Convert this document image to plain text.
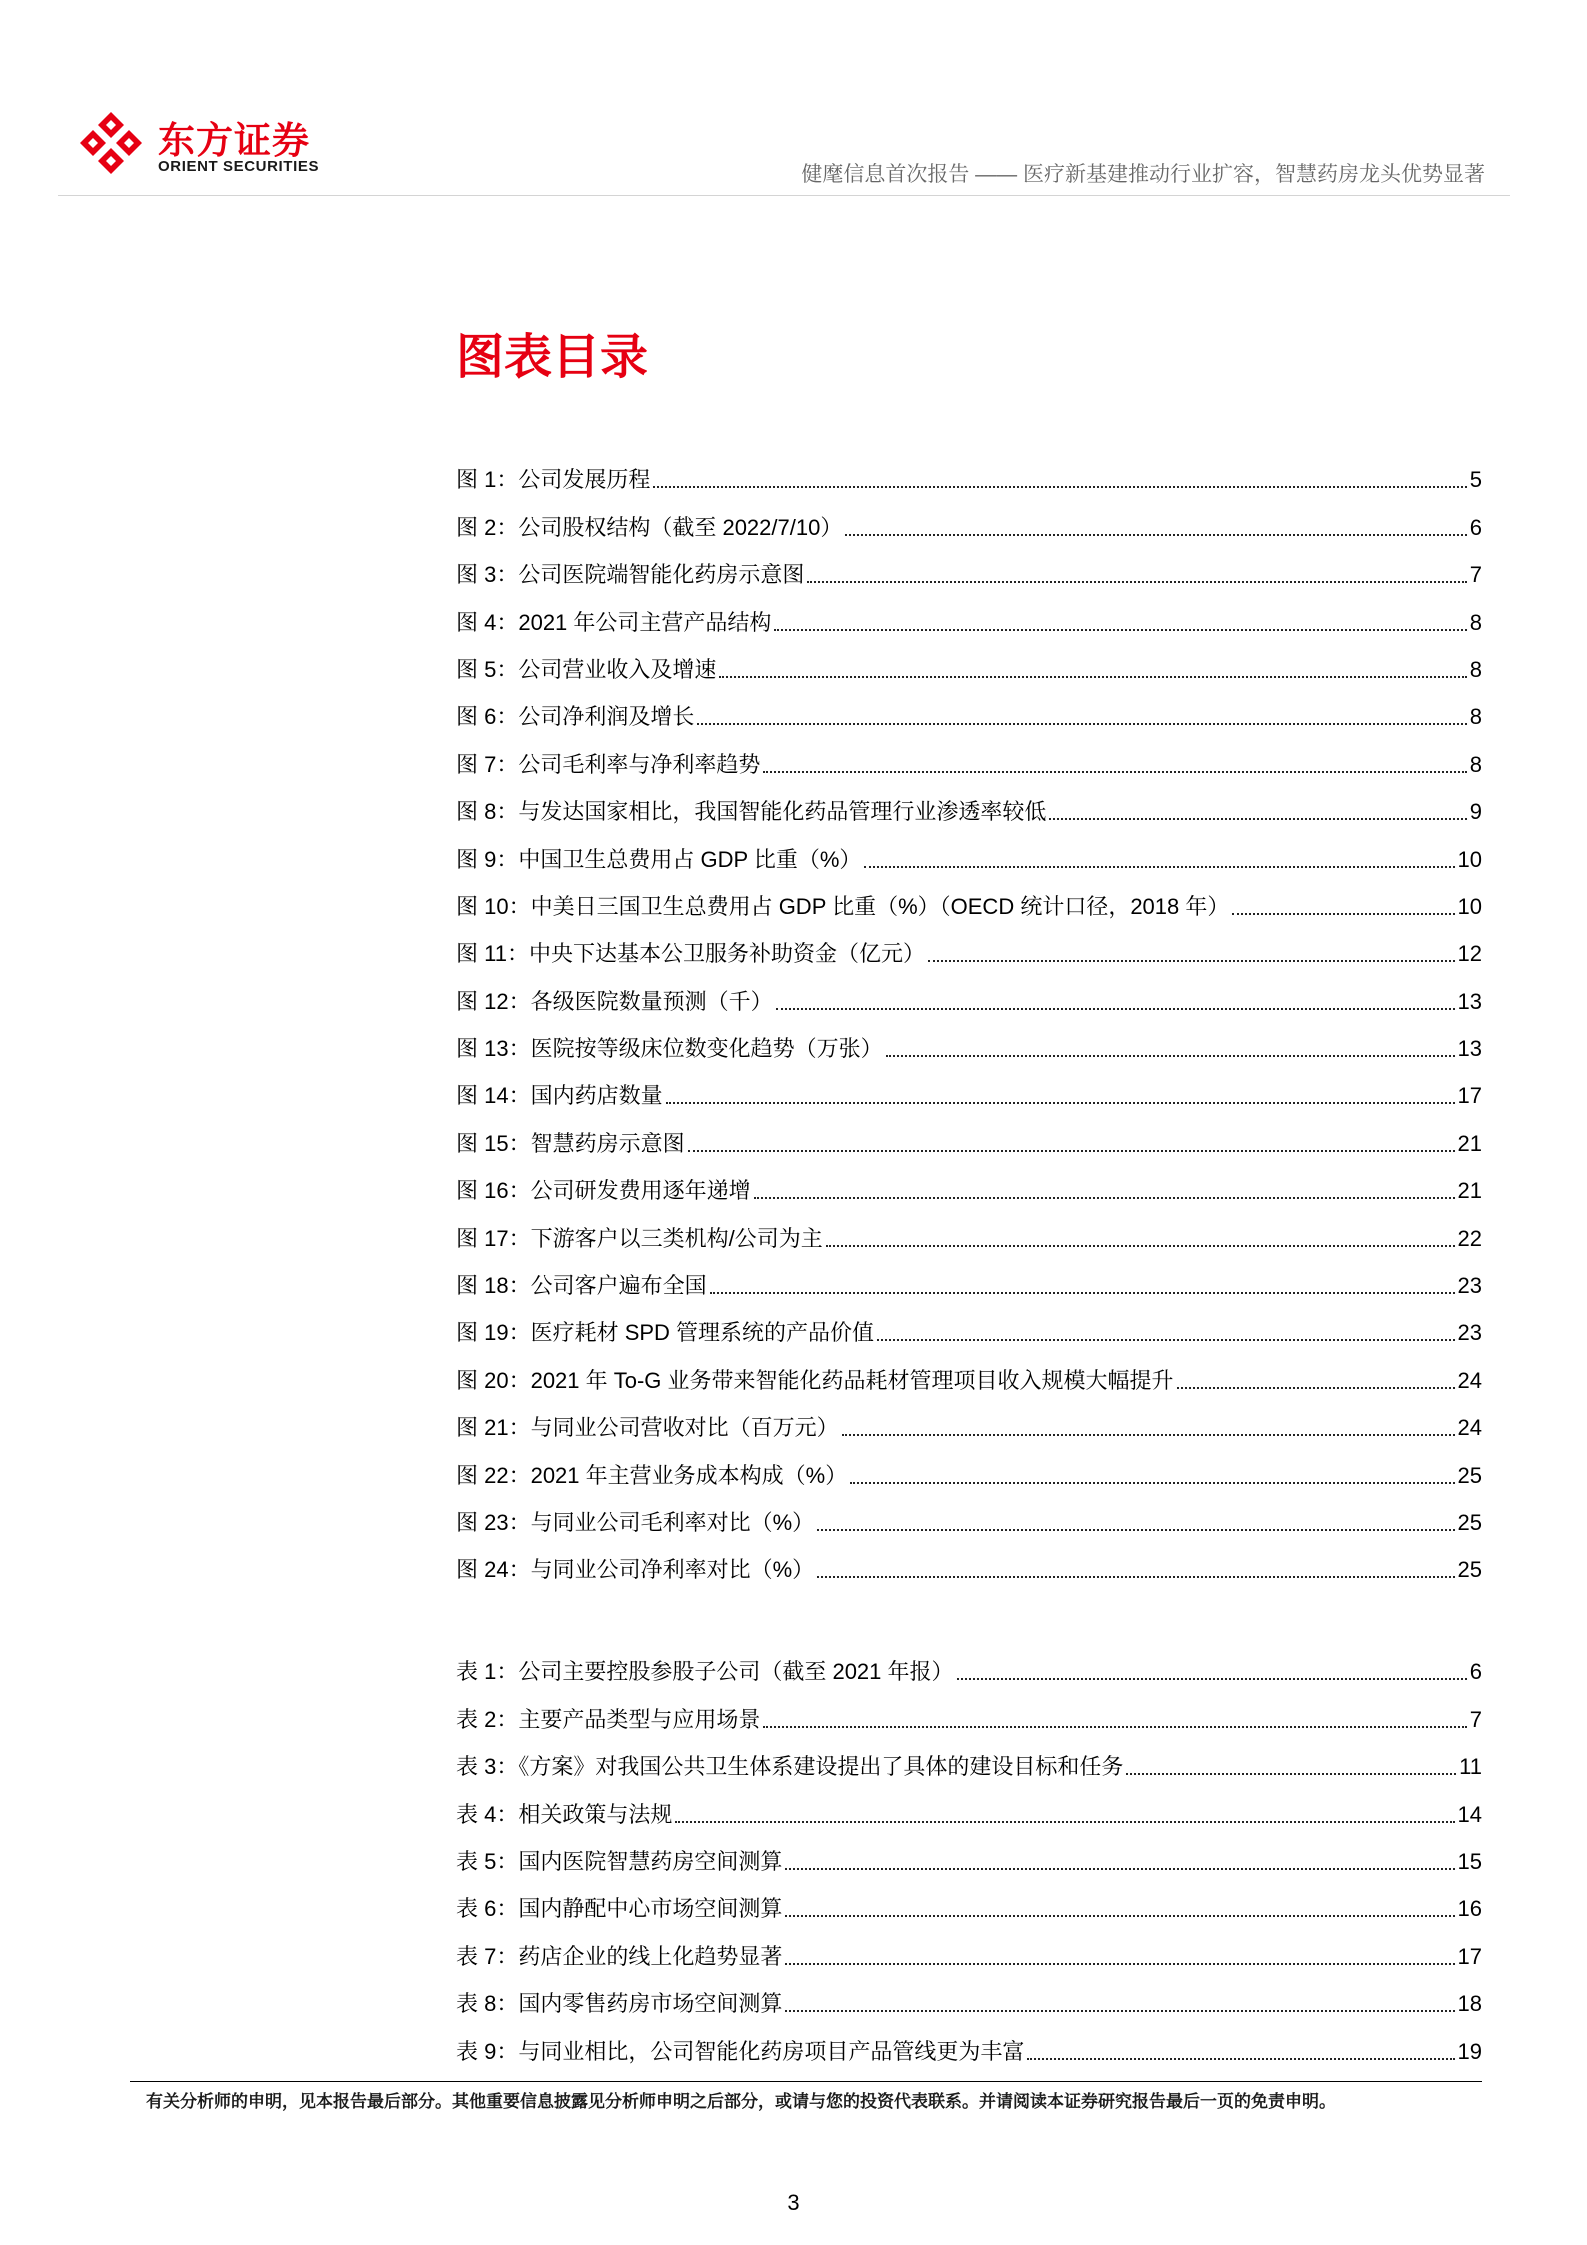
东方证券
ORIENT SECURITIES	健麾信息首次报告 —— 医疗新基建推动行业扩容，智慧药房龙头优势显著
图表目录
图 1：公司发展历程	5
图 2：公司股权结构（截至 2022/7/10）	6
图 3：公司医院端智能化药房示意图	7
图 4：2021 年公司主营产品结构	8
图 5：公司营业收入及增速	8
图 6：公司净利润及增长	8
图 7：公司毛利率与净利率趋势	8
图 8：与发达国家相比，我国智能化药品管理行业渗透率较低	9
图 9：中国卫生总费用占 GDP 比重（%）	10
图 10：中美日三国卫生总费用占 GDP 比重（%）（OECD 统计口径，2018 年）	10
图 11：中央下达基本公卫服务补助资金（亿元）	12
图 12：各级医院数量预测（千）	13
图 13：医院按等级床位数变化趋势（万张）	13
图 14：国内药店数量	17
图 15：智慧药房示意图	21
图 16：公司研发费用逐年递增	21
图 17：下游客户以三类机构/公司为主	22
图 18：公司客户遍布全国	23
图 19：医疗耗材 SPD 管理系统的产品价值	23
图 20：2021 年 To-G 业务带来智能化药品耗材管理项目收入规模大幅提升	24
图 21：与同业公司营收对比（百万元）	24
图 22：2021 年主营业务成本构成（%）	25
图 23：与同业公司毛利率对比（%）	25
图 24：与同业公司净利率对比（%）	25
表 1：公司主要控股参股子公司（截至 2021 年报）	6
表 2：主要产品类型与应用场景	7
表 3：《方案》对我国公共卫生体系建设提出了具体的建设目标和任务	11
表 4：相关政策与法规	14
表 5：国内医院智慧药房空间测算	15
表 6：国内静配中心市场空间测算	16
表 7：药店企业的线上化趋势显著	17
表 8：国内零售药房市场空间测算	18
表 9：与同业相比，公司智能化药房项目产品管线更为丰富	19
有关分析师的申明，见本报告最后部分。其他重要信息披露见分析师申明之后部分，或请与您的投资代表联系。并请阅读本证券研究报告最后一页的免责申明。
3
